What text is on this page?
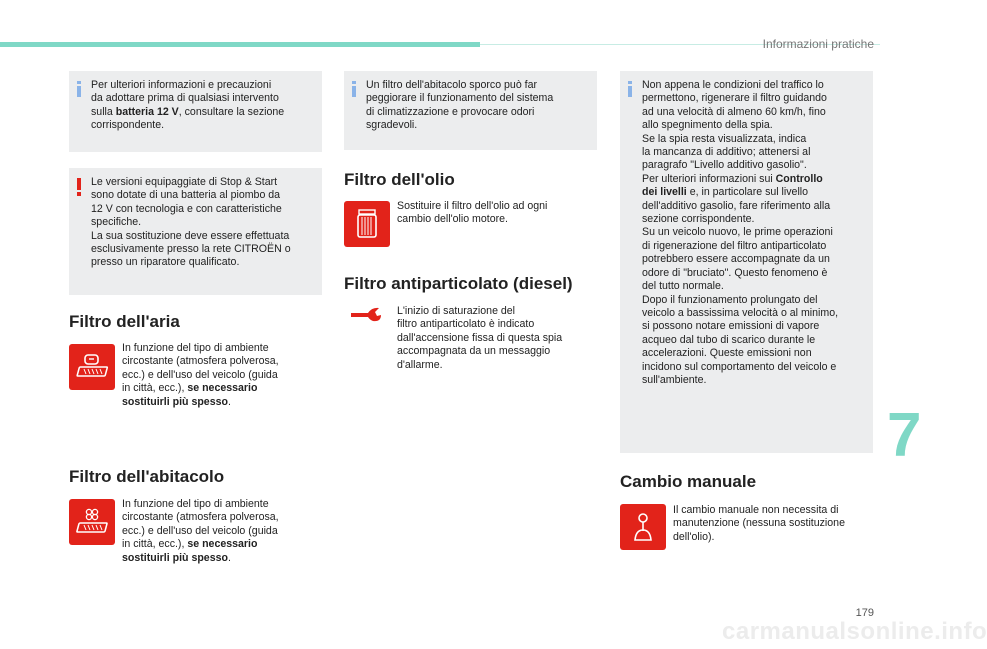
Informazioni pratiche

Per ulteriori informazioni e precauzioni
da adottare prima di qualsiasi intervento
sulla batteria 12 V, consultare la sezione
corrispondente.

Le versioni equipaggiate di Stop & Start
sono dotate di una batteria al piombo da
12 V con tecnologia e con caratteristiche
specifiche.
La sua sostituzione deve essere effettuata
esclusivamente presso la rete CITROËN o
presso un riparatore qualificato.

Filtro dell'aria
In funzione del tipo di ambiente
circostante (atmosfera polverosa,
ecc.) e dell'uso del veicolo (guida
in città, ecc.), se necessario
sostituirli più spesso.
Filtro dell'abitacolo
In funzione del tipo di ambiente
circostante (atmosfera polverosa,
ecc.) e dell'uso del veicolo (guida
in città, ecc.), se necessario
sostituirli più spesso.

Un filtro dell'abitacolo sporco può far
peggiorare il funzionamento del sistema
di climatizzazione e provocare odori
sgradevoli.

Filtro dell'olio
Sostituire il filtro dell'olio ad ogni
cambio dell'olio motore.
Filtro antiparticolato (diesel)
L'inizio di saturazione del
filtro antiparticolato è indicato
dall'accensione fissa di questa spia
accompagnata da un messaggio
d'allarme.

Non appena le condizioni del traffico lo
permettono, rigenerare il filtro guidando
ad una velocità di almeno 60 km/h, fino
allo spegnimento della spia.
Se la spia resta visualizzata, indica
la mancanza di additivo; attenersi al
paragrafo "Livello additivo gasolio".
Per ulteriori informazioni sui Controllo
dei livelli e, in particolare sul livello
dell'additivo gasolio, fare riferimento alla
sezione corrispondente.
Su un veicolo nuovo, le prime operazioni
di rigenerazione del filtro antiparticolato
potrebbero essere accompagnate da un
odore di "bruciato". Questo fenomeno è
del tutto normale.
Dopo il funzionamento prolungato del
veicolo a bassissima velocità o al minimo,
si possono notare emissioni di vapore
acqueo dal tubo di scarico durante le
accelerazioni. Queste emissioni non
incidono sul comportamento del veicolo e
sull'ambiente.

Cambio manuale
Il cambio manuale non necessita di
manutenzione (nessuna sostituzione
dell'olio).
7
179
carmanualsonline.info
